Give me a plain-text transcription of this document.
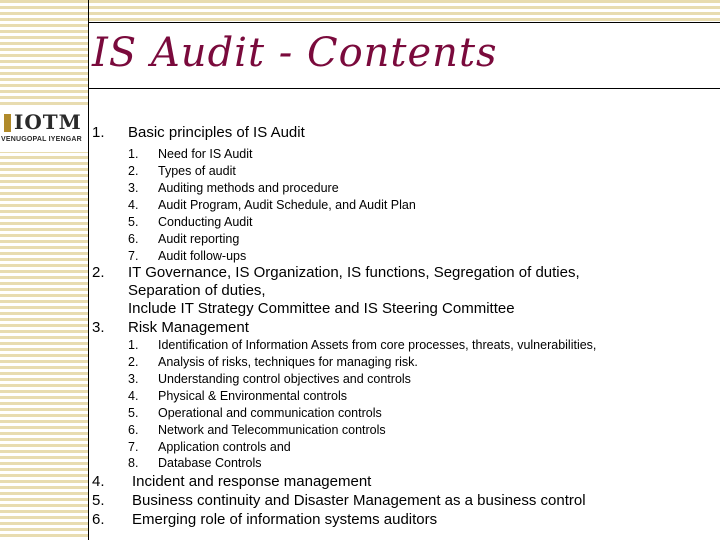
IS Audit - Contents
IOTM
VENUGOPAL IYENGAR 1. Basic principles of IS Audit
1. Need for IS Audit
2. Types of audit
3. Auditing methods and procedure
4. Audit Program, Audit Schedule, and Audit Plan
5. Conducting Audit
6. Audit reporting
7. Audit follow-ups
2. IT Governance, IS Organization, IS functions, Segregation of duties,
Separation of duties,
Include IT Strategy Committee and IS Steering Committee
3. Risk Management
1. Identification of Information Assets from core processes, threats, vulnerabilities,
2. Analysis of risks, techniques for managing risk.
3. Understanding control objectives and controls
4. Physical & Environmental controls
5. Operational and communication controls
6. Network and Telecommunication controls
7. Application controls and
8. Database Controls
4. Incident and response management
5. Business continuity and Disaster Management as a business control
6. Emerging role of information systems auditors
